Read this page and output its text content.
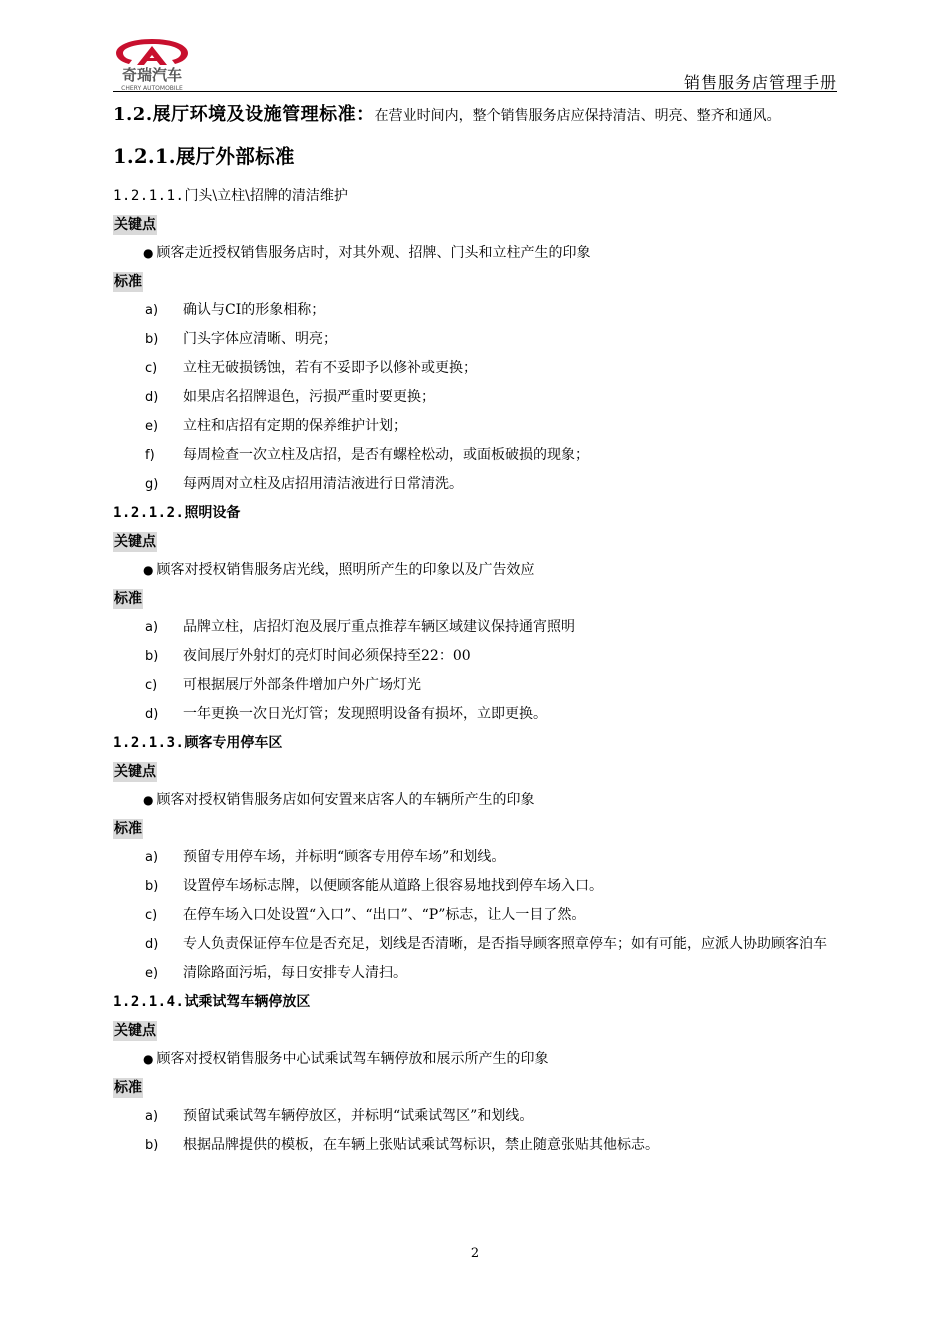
奇瑞汽车
CHERY AUTOMOBILE	销售服务店管理手册

1.2.展厅环境及设施管理标准：在营业时间内，整个销售服务店应保持清洁、明亮、整齐和通风。

1.2.1.展厅外部标准
1.2.1.1.门头\立柱\招牌的清洁维护
关键点
● 顾客走近授权销售服务店时，对其外观、招牌、门头和立柱产生的印象
标准
a)	确认与CI的形象相称；
b)	门头字体应清晰、明亮；
c)	立柱无破损锈蚀，若有不妥即予以修补或更换；
d)	如果店名招牌退色，污损严重时要更换；
e)	立柱和店招有定期的保养维护计划；
f)	每周检查一次立柱及店招，是否有螺栓松动，或面板破损的现象；
g)	每两周对立柱及店招用清洁液进行日常清洗。
1.2.1.2.照明设备
关键点
● 顾客对授权销售服务店光线，照明所产生的印象以及广告效应
标准
a)	品牌立柱，店招灯泡及展厅重点推荐车辆区域建议保持通宵照明
b)	夜间展厅外射灯的亮灯时间必须保持至22：00
c)	可根据展厅外部条件增加户外广场灯光
d)	一年更换一次日光灯管；发现照明设备有损坏，立即更换。
1.2.1.3.顾客专用停车区
关键点
● 顾客对授权销售服务店如何安置来店客人的车辆所产生的印象
标准
a)	预留专用停车场，并标明“顾客专用停车场”和划线。
b)	设置停车场标志牌，以便顾客能从道路上很容易地找到停车场入口。
c)	在停车场入口处设置“入口”、“出口”、“P”标志，让人一目了然。
d)	专人负责保证停车位是否充足，划线是否清晰，是否指导顾客照章停车；如有可能，应派人协助顾客泊车
e)	清除路面污垢，每日安排专人清扫。
1.2.1.4.试乘试驾车辆停放区
关键点
● 顾客对授权销售服务中心试乘试驾车辆停放和展示所产生的印象
标准
a)	预留试乘试驾车辆停放区，并标明“试乘试驾区”和划线。
b)	根据品牌提供的模板，在车辆上张贴试乘试驾标识，禁止随意张贴其他标志。
2
